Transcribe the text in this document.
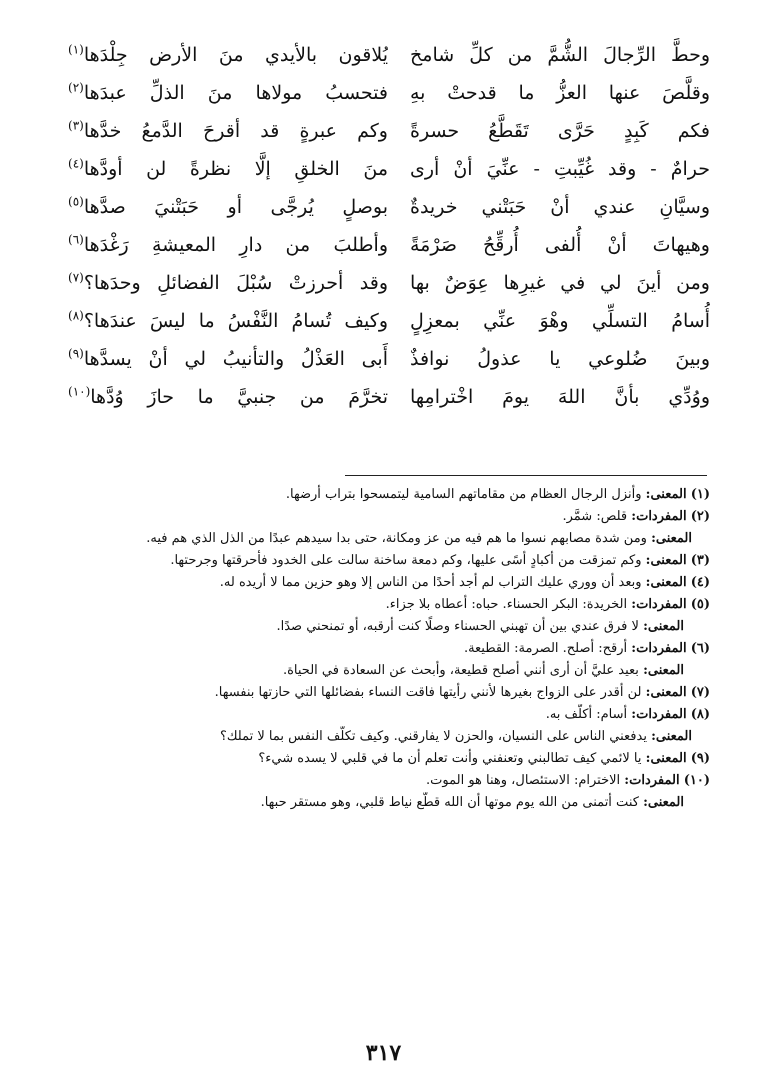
وحطَّ الرِّجالَ الشُّمَّ من كلِّ شامخ
يُلاقون بالأيدي منَ الأرض جِلْدَها$^{(١)}$
وقلَّصَ عنها العزُّ ما قدحتْ بهِ
فتحسبُ مولاها منَ الذلِّ عبدَها$^{(٢)}$
فكم كَبِدٍ حَرَّى تَقَطَّعُ حسرةً
وكم عبرةٍ قد أقرحَ الدَّمعُ خدَّها$^{(٣)}$
حرامٌ - وقد غُيِّبتِ - عنِّيَ أنْ أرى
منَ الخلقِ إلَّا نظرةً لن أودَّها$^{(٤)}$
وسيَّانِ عندي أنْ حَبَتْني خريدةٌ
بوصلٍ يُرجَّى أو حَبَتْنيَ صدَّها$^{(٥)}$
وهيهاتَ أنْ أُلفى أُرقِّحُ صَرْمَةً
وأطلبَ من دارِ المعيشةِ رَغْدَها$^{(٦)}$
ومن أينَ لي في غيرِها عِوَضٌ بها
وقد أحرزتْ سُبْلَ الفضائلِ وحدَها؟$^{(٧)}$
أُسامُ التسلِّي وهْوَ عنِّي بمعزِلٍ
وكيف تُسامُ النَّفْسُ ما ليسَ عندَها؟$^{(٨)}$
وبينَ ضُلوعي يا عذولُ نوافذٌ
أَبى العَذْلُ والتأنيبُ لي أنْ يسدَّها$^{(٩)}$
ووُدِّي بأنَّ اللهَ يومَ اخْترامِها
تخرَّمَ من جنبيَّ ما حازَ وُدَّها$^{(١٠)}$
(١) المعنى: وأنزل الرجال العظام من مقاماتهم السامية ليتمسحوا بتراب أرضها.
(٢) المفردات: قلص: شمَّر.
المعنى: ومن شدة مصابهم نسوا ما هم فيه من عز ومكانة، حتى بدا سيدهم عبدًا من الذل الذي هم فيه.
(٣) المعنى: وكم تمزقت من أكبادٍ أسًى عليها، وكم دمعة ساخنة سالت على الخدود فأحرقتها وجرحتها.
(٤) المعنى: وبعد أن ووري عليك التراب لم أجد أحدًا من الناس إلا وهو حزين مما لا أريده له.
(٥) المفردات: الخريدة: البكر الحسناء. حباه: أعطاه بلا جزاء.
المعنى: لا فرق عندي بين أن تهبني الحسناء وصلًا كنت أرقبه، أو تمنحني صدًا.
(٦) المفردات: أرقح: أصلح. الصرمة: القطيعة.
المعنى: بعيد عليَّ أن أرى أنني أصلح قطيعة، وأبحث عن السعادة في الحياة.
(٧) المعنى: لن أقدر على الزواج بغيرها لأنني رأيتها فاقت النساء بفضائلها التي حازتها بنفسها.
(٨) المفردات: أسام: أكلَّف به.
المعنى: يدفعني الناس على النسيان، والحزن لا يفارقني. وكيف تكلَّف النفس بما لا تملك؟
(٩) المعنى: يا لائمي كيف تطالبني وتعنفني وأنت تعلم أن ما في قلبي لا يسده شيء؟
(١٠) المفردات: الاخترام: الاستئصال، وهنا هو الموت.
المعنى: كنت أتمنى من الله يوم موتها أن الله قطَّع نياط قلبي، وهو مستقر حبها.
٣١٧
